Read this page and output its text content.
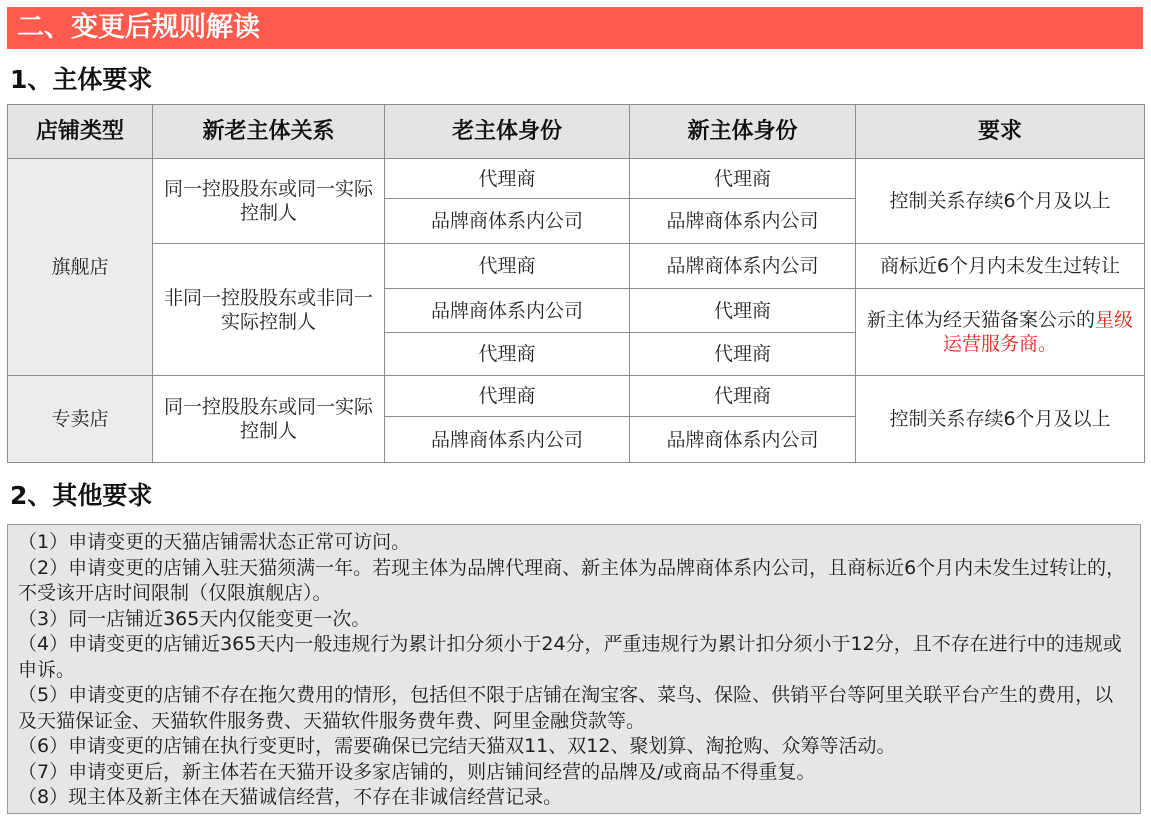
二、变更后规则解读
1、主体要求
店铺类型	新老主体关系	老主体身份	新主体身份	要求
旗舰店	同一控股股东或同一实际控制人	代理商	代理商	控制关系存续6个月及以上
		品牌商体系内公司	品牌商体系内公司	
	非同一控股股东或非同一实际控制人	代理商	品牌商体系内公司	商标近6个月内未发生过转让
		品牌商体系内公司	代理商	新主体为经天猫备案公示的星级运营服务商。
		代理商	代理商	
专卖店	同一控股股东或同一实际控制人	代理商	代理商	控制关系存续6个月及以上
		品牌商体系内公司	品牌商体系内公司	
2、其他要求

（1）申请变更的天猫店铺需状态正常可访问。

（2）申请变更的店铺入驻天猫须满一年。若现主体为品牌代理商、新主体为品牌商体系内公司，且商标近6个月内未发生过转让的，不受该开店时间限制（仅限旗舰店）。

（3）同一店铺近365天内仅能变更一次。

（4）申请变更的店铺近365天内一般违规行为累计扣分须小于24分，严重违规行为累计扣分须小于12分，且不存在进行中的违规或申诉。

（5）申请变更的店铺不存在拖欠费用的情形，包括但不限于店铺在淘宝客、菜鸟、保险、供销平台等阿里关联平台产生的费用，以及天猫保证金、天猫软件服务费、天猫软件服务费年费、阿里金融贷款等。

（6）申请变更的店铺在执行变更时，需要确保已完结天猫双11、双12、聚划算、淘抢购、众筹等活动。

（7）申请变更后，新主体若在天猫开设多家店铺的，则店铺间经营的品牌及/或商品不得重复。

（8）现主体及新主体在天猫诚信经营，不存在非诚信经营记录。
